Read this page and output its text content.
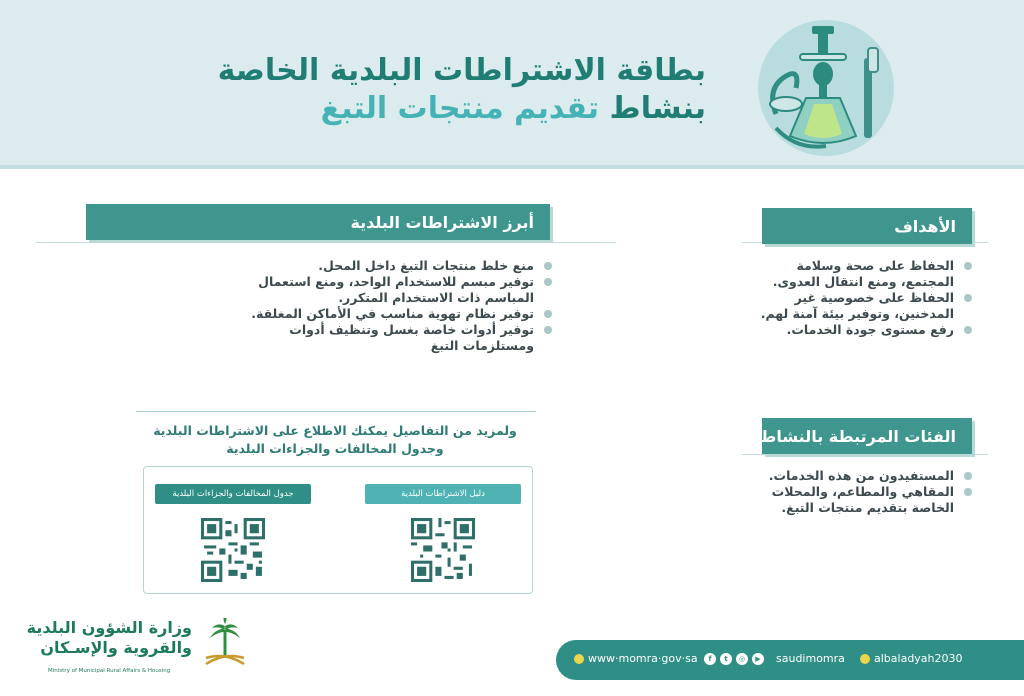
بطاقة الاشتراطات البلدية الخاصة
بنشاط تقديم منتجات التبغ
أبرز الاشتراطات البلدية
منع خلط منتجات التبغ داخل المحل.
توفير مبسم للاستخدام الواحد، ومنع استعمال المباسم ذات الاستخدام المتكرر.
توفير نظام تهوية مناسب في الأماكن المغلقة.
توفير أدوات خاصة بغسل وتنظيف أدوات ومستلزمات التبغ
الأهداف
الحفاظ على صحة وسلامة المجتمع، ومنع انتقال العدوى.
الحفاظ على خصوصية غير المدخنين، وتوفير بيئة آمنة لهم.
رفع مستوى جودة الخدمات.
الفئات المرتبطة بالنشاط
المستفيدون من هذه الخدمات.
المقاهي والمطاعم، والمحلات الخاصة بتقديم منتجات التبغ.
ولمزيد من التفاصيل يمكنك الاطلاع على الاشتراطات البلدية وجدول المخالفات والجزاءات البلدية
جدول المخالفات والجزاءات البلدية	دليل الاشتراطات البلدية
وزارة الشؤون البلدية
والقروية والإسـكان
Ministry of Municipal Rural Affairs & Housing
www·momra·gov·sa	f	t	◎	▶	saudimomra	albaladyah2030
